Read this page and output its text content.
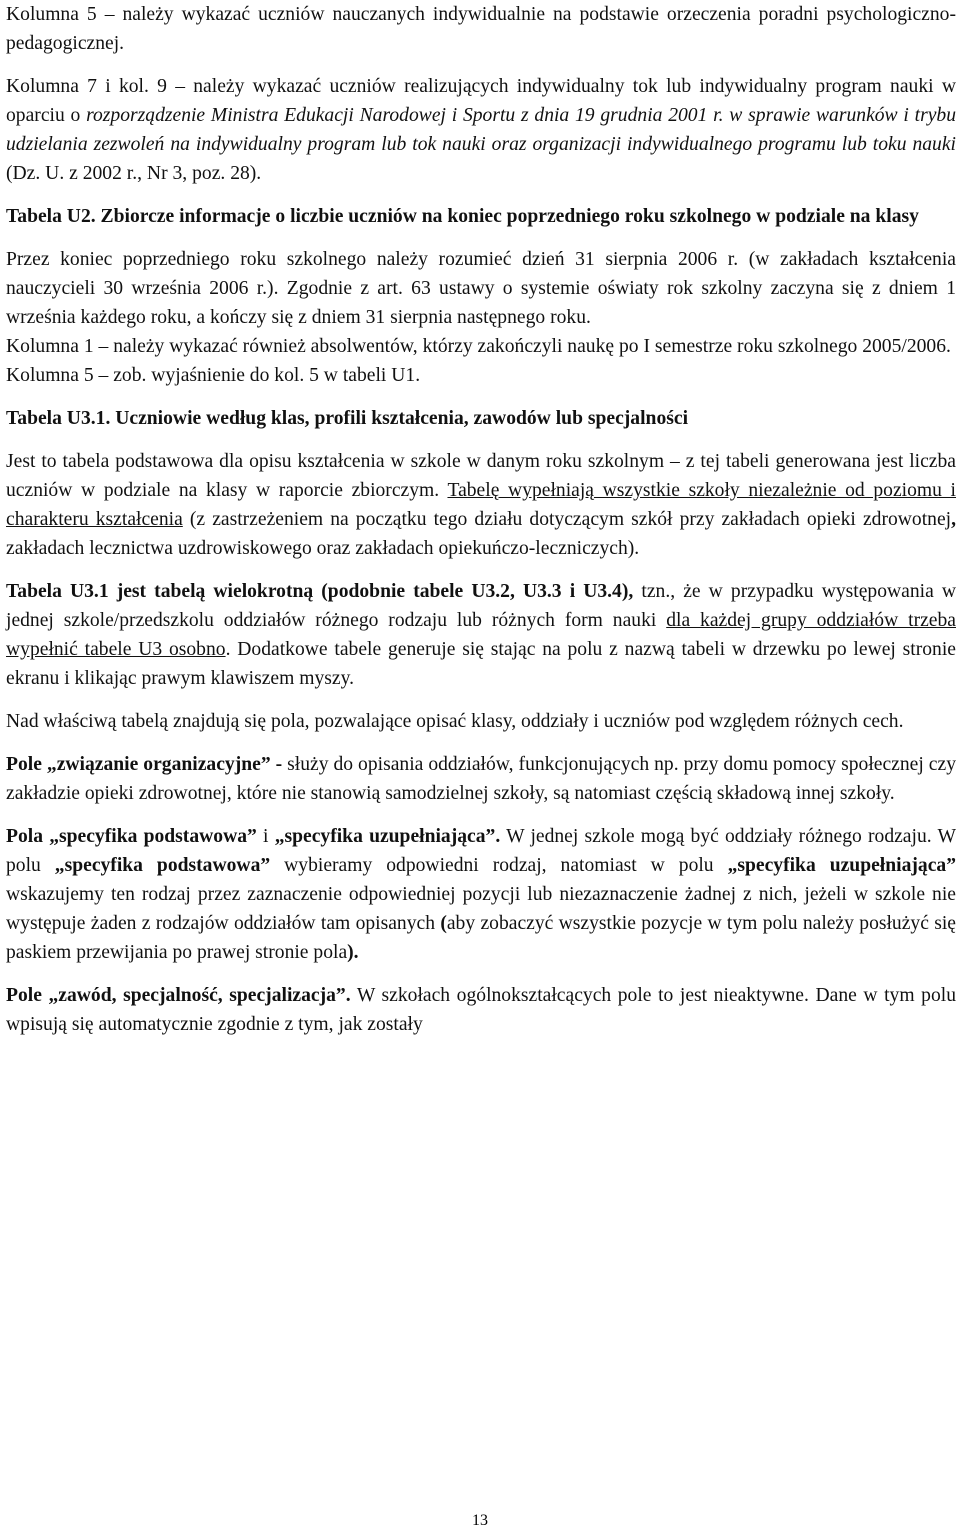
Kolumna 5 – należy wykazać uczniów nauczanych indywidualnie na podstawie orzeczenia poradni psychologiczno-pedagogicznej.

Kolumna 7 i kol. 9 – należy wykazać uczniów realizujących indywidualny tok lub indywidualny program nauki w oparciu o rozporządzenie Ministra Edukacji Narodowej i Sportu z dnia 19 grudnia 2001 r. w sprawie warunków i trybu udzielania zezwoleń na indywidualny program lub tok nauki oraz organizacji indywidualnego programu lub toku nauki (Dz. U. z 2002 r., Nr 3, poz. 28).

Tabela U2. Zbiorcze informacje o liczbie uczniów na koniec poprzedniego roku szkolnego w podziale na klasy

Przez koniec poprzedniego roku szkolnego należy rozumieć dzień 31 sierpnia 2006 r. (w zakładach kształcenia nauczycieli 30 września 2006 r.). Zgodnie z art. 63 ustawy o systemie oświaty rok szkolny zaczyna się z dniem 1 września każdego roku, a kończy się z dniem 31 sierpnia następnego roku.

Kolumna 1 – należy wykazać również absolwentów, którzy zakończyli naukę po I semestrze roku szkolnego 2005/2006.

Kolumna 5 – zob. wyjaśnienie do kol. 5 w tabeli U1.

Tabela U3.1. Uczniowie według klas, profili kształcenia, zawodów lub specjalności

Jest to tabela podstawowa dla opisu kształcenia w szkole w danym roku szkolnym – z tej tabeli generowana jest liczba uczniów w podziale na klasy w raporcie zbiorczym. Tabelę wypełniają wszystkie szkoły niezależnie od poziomu i charakteru kształcenia (z zastrzeżeniem na początku tego działu dotyczącym szkół przy zakładach opieki zdrowotnej, zakładach lecznictwa uzdrowiskowego oraz zakładach opiekuńczo-leczniczych).

Tabela U3.1 jest tabelą wielokrotną (podobnie tabele U3.2, U3.3 i U3.4), tzn., że w przypadku występowania w jednej szkole/przedszkolu oddziałów różnego rodzaju lub różnych form nauki dla każdej grupy oddziałów trzeba wypełnić tabele U3 osobno. Dodatkowe tabele generuje się stając na polu z nazwą tabeli w drzewku po lewej stronie ekranu i klikając prawym klawiszem myszy.

Nad właściwą tabelą znajdują się pola, pozwalające opisać klasy, oddziały i uczniów pod względem różnych cech.

Pole „związanie organizacyjne” - służy do opisania oddziałów, funkcjonujących np. przy domu pomocy społecznej czy zakładzie opieki zdrowotnej, które nie stanowią samodzielnej szkoły, są natomiast częścią składową innej szkoły.

Pola „specyfika podstawowa” i „specyfika uzupełniająca”. W jednej szkole mogą być oddziały różnego rodzaju. W polu „specyfika podstawowa” wybieramy odpowiedni rodzaj, natomiast w polu „specyfika uzupełniająca” wskazujemy ten rodzaj przez zaznaczenie odpowiedniej pozycji lub niezaznaczenie żadnej z nich, jeżeli w szkole nie występuje żaden z rodzajów oddziałów tam opisanych (aby zobaczyć wszystkie pozycje w tym polu należy posłużyć się paskiem przewijania po prawej stronie pola).

Pole „zawód, specjalność, specjalizacja”. W szkołach ogólnokształcących pole to jest nieaktywne. Dane w tym polu wpisują się automatycznie zgodnie z tym, jak zostały

13
